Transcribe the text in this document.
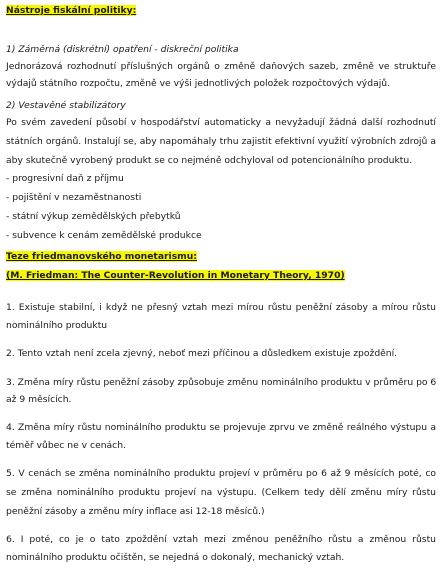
Nástroje fiskální politiky:
1) Záměrná (diskrétní) opatření - diskreční politika
Jednorázová rozhodnutí příslušných orgánů o změně daňových sazeb, změně ve struktuře
výdajů státního rozpočtu, změně ve výši jednotlivých položek rozpočtových výdajů.
2) Vestavěné stabilizátory
Po svém zavedení působí v hospodářství automaticky a nevyžadují žádná další rozhodnutí
státních orgánů. Instalují se, aby napomáhaly trhu zajistit efektivní využití výrobních zdrojů a
aby skutečně vyrobený produkt se co nejméně odchyloval od potencionálního produktu.
- progresivní daň z příjmu
- pojištění v nezaměstnanosti
- státní výkup zemědělských přebytků
- subvence k cenám zemědělské produkce
Teze friedmanovského monetarismu:
(M. Friedman: The Counter-Revolution in Monetary Theory, 1970)
1. Existuje stabilní, i když ne přesný vztah mezi mírou růstu peněžní zásoby a mírou růstu
nominálního produktu
2. Tento vztah není zcela zjevný, neboť mezi příčinou a důsledkem existuje zpoždění.
3. Změna míry růstu peněžní zásoby způsobuje změnu nominálního produktu v průměru po 6
až 9 měsících.
4. Změna míry růstu nominálního produktu se projevuje zprvu ve změně reálného výstupu a
téměř vůbec ne v cenách.
5. V cenách se změna nominálního produktu projeví v průměru po 6 až 9 měsících poté, co
se změna nominálního produktu projeví na výstupu. (Celkem tedy dělí změnu míry růstu
peněžní zásoby a změnu míry inflace asi 12-18 měsíců.)
6. I poté, co je o tato zpoždění vztah mezi změnou peněžního růstu a změnou růstu
nominálního produktu očištěn, se nejedná o dokonalý, mechanický vztah.
